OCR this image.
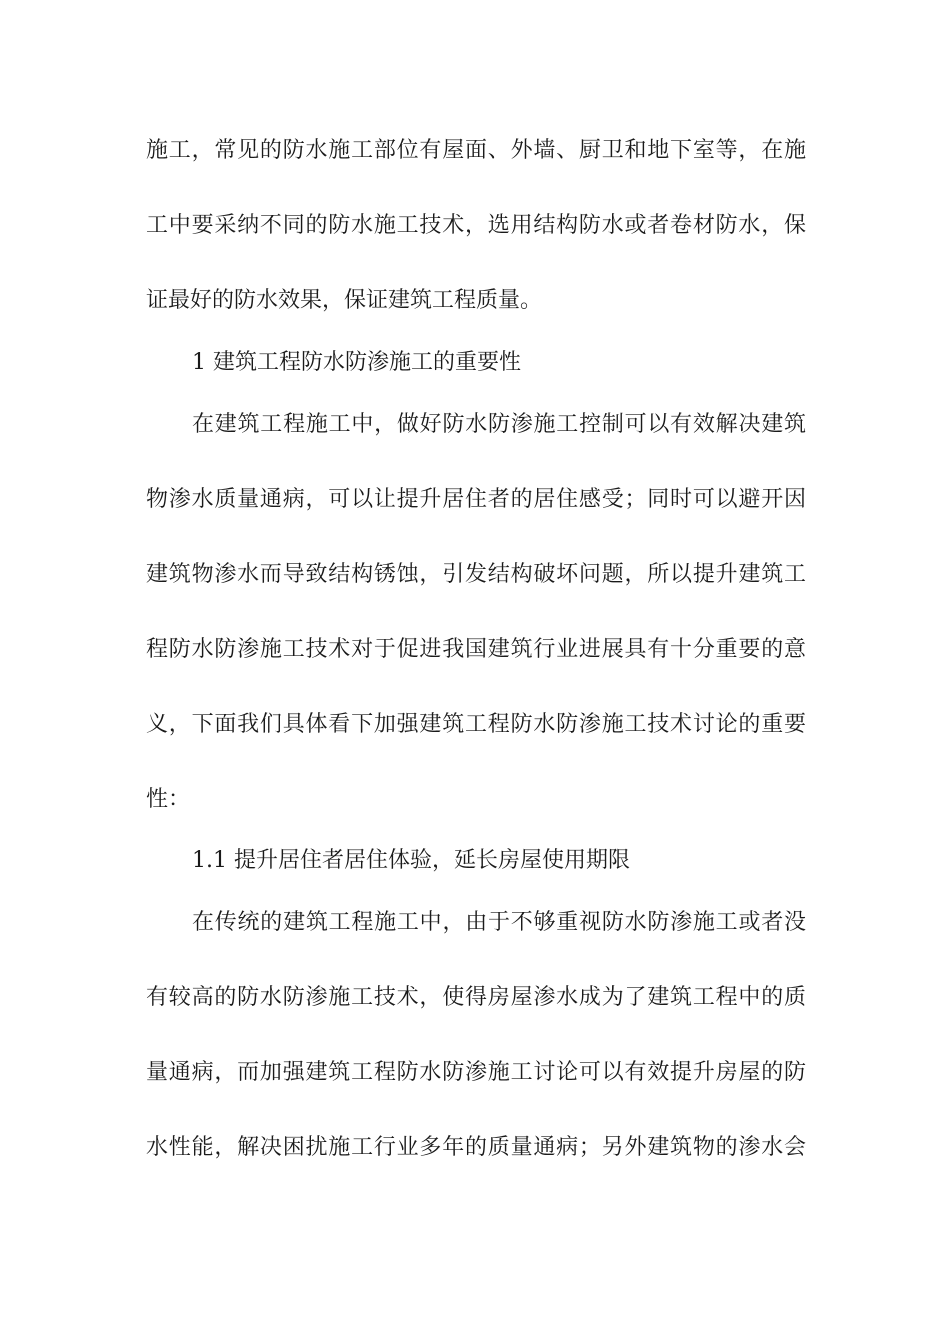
施工，常见的防水施工部位有屋面、外墙、厨卫和地下室等，在施
工中要采纳不同的防水施工技术，选用结构防水或者卷材防水，保
证最好的防水效果，保证建筑工程质量。
1 建筑工程防水防渗施工的重要性
在建筑工程施工中，做好防水防渗施工控制可以有效解决建筑
物渗水质量通病，可以让提升居住者的居住感受；同时可以避开因
建筑物渗水而导致结构锈蚀，引发结构破坏问题，所以提升建筑工
程防水防渗施工技术对于促进我国建筑行业进展具有十分重要的意
义，下面我们具体看下加强建筑工程防水防渗施工技术讨论的重要
性：
1.1 提升居住者居住体验，延长房屋使用期限
在传统的建筑工程施工中，由于不够重视防水防渗施工或者没
有较高的防水防渗施工技术，使得房屋渗水成为了建筑工程中的质
量通病，而加强建筑工程防水防渗施工讨论可以有效提升房屋的防
水性能，解决困扰施工行业多年的质量通病；另外建筑物的渗水会
